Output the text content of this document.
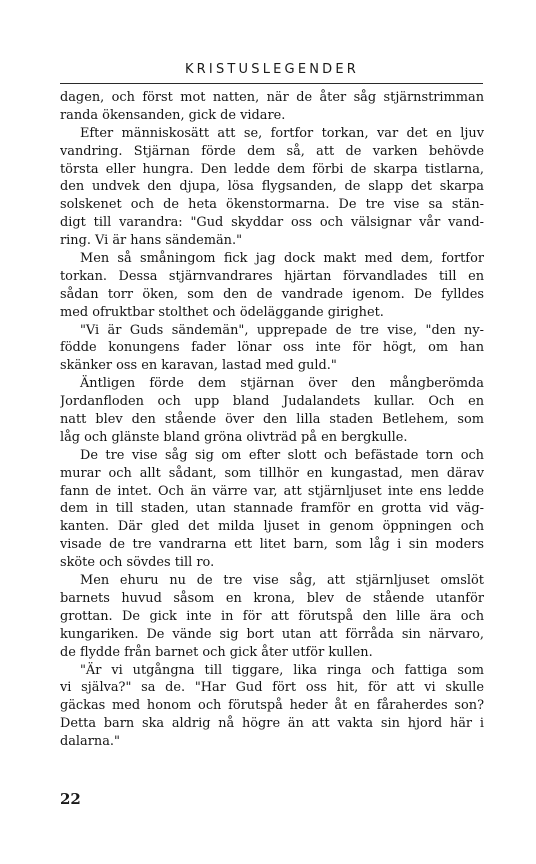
KRISTUSLEGENDER
dagen, och först mot natten, när de åter såg stjärnstrimman
randa ökensanden, gick de vidare.
Efter människosätt att se, fortfor torkan, var det en ljuv
vandring. Stjärnan förde dem så, att de varken behövde
törsta eller hungra. Den ledde dem förbi de skarpa tistlarna,
den undvek den djupa, lösa flygsanden, de slapp det skarpa
solskenet och de heta ökenstormarna. De tre vise sa stän-
digt till varandra: "Gud skyddar oss och välsignar vår vand-
ring. Vi är hans sändemän."
Men så småningom fick jag dock makt med dem, fortfor
torkan. Dessa stjärnvandrares hjärtan förvandlades till en
sådan torr öken, som den de vandrade igenom. De fylldes
med ofruktbar stolthet och ödeläggande girighet.
"Vi är Guds sändemän", upprepade de tre vise, "den ny-
födde konungens fader lönar oss inte för högt, om han
skänker oss en karavan, lastad med guld."
Äntligen förde dem stjärnan över den mångberömda
Jordanfloden och upp bland Judalandets kullar. Och en
natt blev den stående över den lilla staden Betlehem, som
låg och glänste bland gröna olivträd på en bergkulle.
De tre vise såg sig om efter slott och befästade torn och
murar och allt sådant, som tillhör en kungastad, men därav
fann de intet. Och än värre var, att stjärnljuset inte ens ledde
dem in till staden, utan stannade framför en grotta vid väg-
kanten. Där gled det milda ljuset in genom öppningen och
visade de tre vandrarna ett litet barn, som låg i sin moders
sköte och sövdes till ro.
Men ehuru nu de tre vise såg, att stjärnljuset omslöt
barnets huvud såsom en krona, blev de stående utanför
grottan. De gick inte in för att förutspå den lille ära och
kungariken. De vände sig bort utan att förråda sin närvaro,
de flydde från barnet och gick åter utför kullen.
"Är vi utgångna till tiggare, lika ringa och fattiga som
vi själva?" sa de. "Har Gud fört oss hit, för att vi skulle
gäckas med honom och förutspå heder åt en fåraherdes son?
Detta barn ska aldrig nå högre än att vakta sin hjord här i
dalarna."
22
